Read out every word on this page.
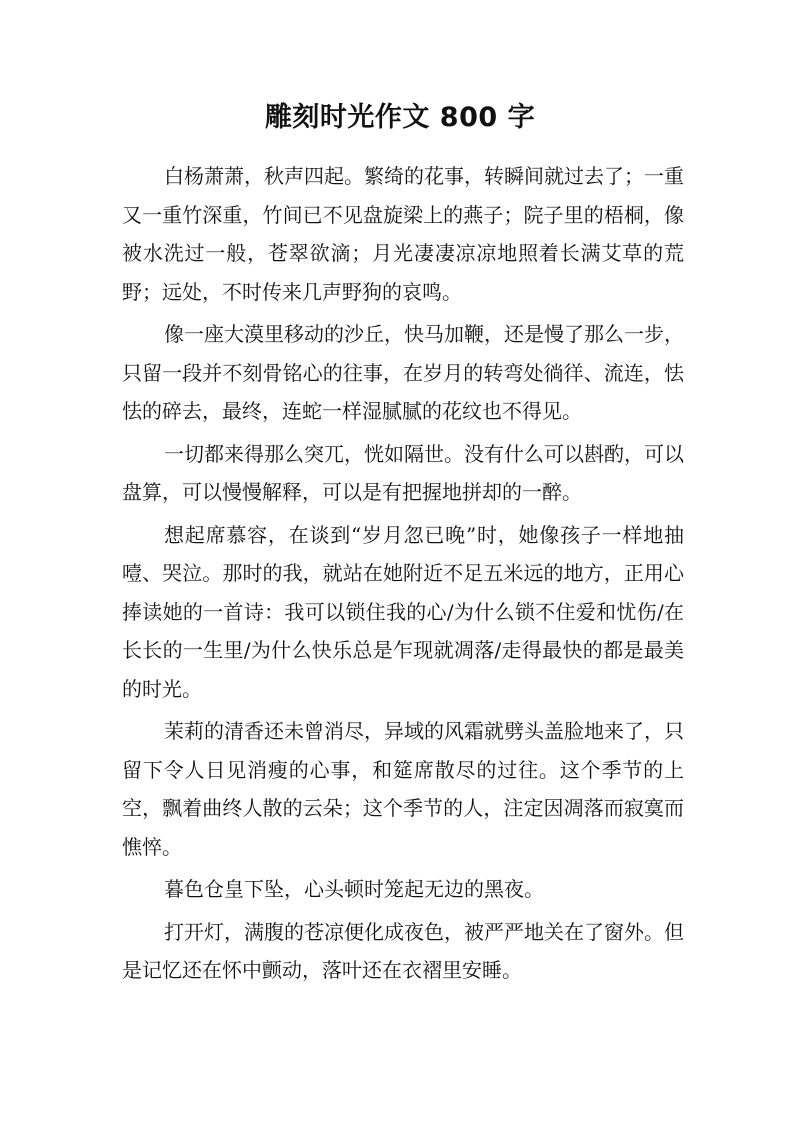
雕刻时光作文 800 字

白杨萧萧，秋声四起。繁绮的花事，转瞬间就过去了；一重又一重竹深重，竹间已不见盘旋梁上的燕子；院子里的梧桐，像被水洗过一般，苍翠欲滴；月光凄凄凉凉地照着长满艾草的荒野；远处，不时传来几声野狗的哀鸣。

像一座大漠里移动的沙丘，快马加鞭，还是慢了那么一步，只留一段并不刻骨铭心的往事，在岁月的转弯处徜徉、流连，怯怯的碎去，最终，连蛇一样湿腻腻的花纹也不得见。

一切都来得那么突兀，恍如隔世。没有什么可以斟酌，可以盘算，可以慢慢解释，可以是有把握地拼却的一醉。

想起席慕容，在谈到“岁月忽已晚”时，她像孩子一样地抽噎、哭泣。那时的我，就站在她附近不足五米远的地方，正用心捧读她的一首诗：我可以锁住我的心/为什么锁不住爱和忧伤/在长长的一生里/为什么快乐总是乍现就凋落/走得最快的都是最美的时光。

茉莉的清香还未曾消尽，异域的风霜就劈头盖脸地来了，只留下令人日见消瘦的心事，和筵席散尽的过往。这个季节的上空，飘着曲终人散的云朵；这个季节的人，注定因凋落而寂寞而憔悴。

暮色仓皇下坠，心头顿时笼起无边的黑夜。

打开灯，满腹的苍凉便化成夜色，被严严地关在了窗外。但是记忆还在怀中颤动，落叶还在衣褶里安睡。
